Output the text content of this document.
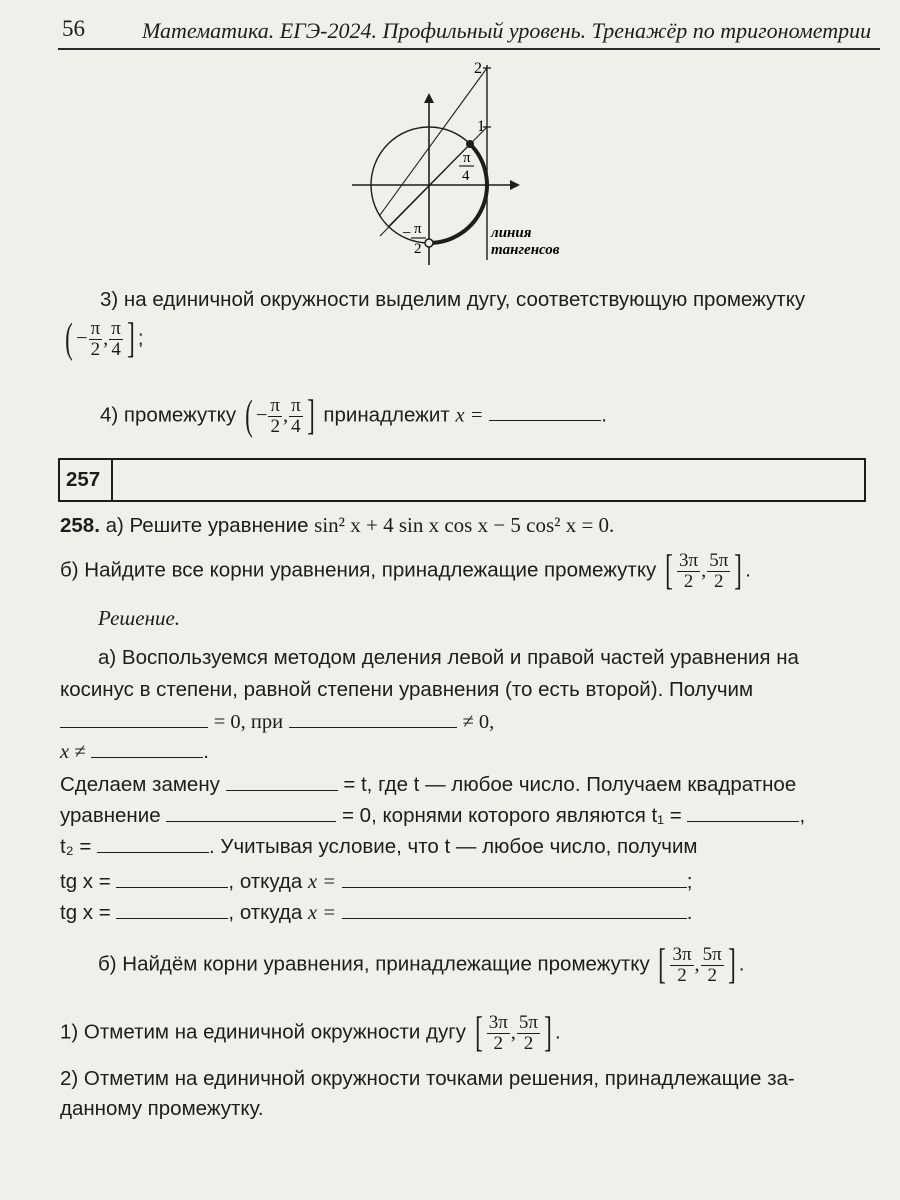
56	Математика. ЕГЭ-2024. Профильный уровень. Тренажёр по тригонометрии
2
1
π
4
− π
2
линия
тангенсов
3) на единичной окружности выделим дугу, соответствующую промежутку
( − $\frac{\pi}{2}$ , $\frac{\pi}{4}$ ] ;
4) промежутку ( − $\frac{\pi}{2}$ , $\frac{\pi}{4}$ ] принадлежит x =	.
257
258. а) Решите уравнение sin² x + 4 sin x cos x − 5 cos² x = 0.
б) Найдите все корни уравнения, принадлежащие промежутку [ $\frac{3\pi}{2}$ , $\frac{5\pi}{2}$ ] .
Решение.
а) Воспользуемся методом деления левой и правой частей уравнения на
косинус в степени, равной степени уравнения (то есть второй). Получим
= 0, при	≠ 0,
x ≠	.
Сделаем замену	= t, где t — любое число. Получаем квадратное
уравнение	= 0, корнями которого являются t₁ =	,
t₂ =	. Учитывая условие, что t — любое число, получим
tg x =	, откуда x =	;
tg x =	, откуда x =	.
б) Найдём корни уравнения, принадлежащие промежутку [ $\frac{3\pi}{2}$ , $\frac{5\pi}{2}$ ] .
1) Отметим на единичной окружности дугу [ $\frac{3\pi}{2}$ , $\frac{5\pi}{2}$ ] .
2) Отметим на единичной окружности точками решения, принадлежащие за-
данному промежутку.
